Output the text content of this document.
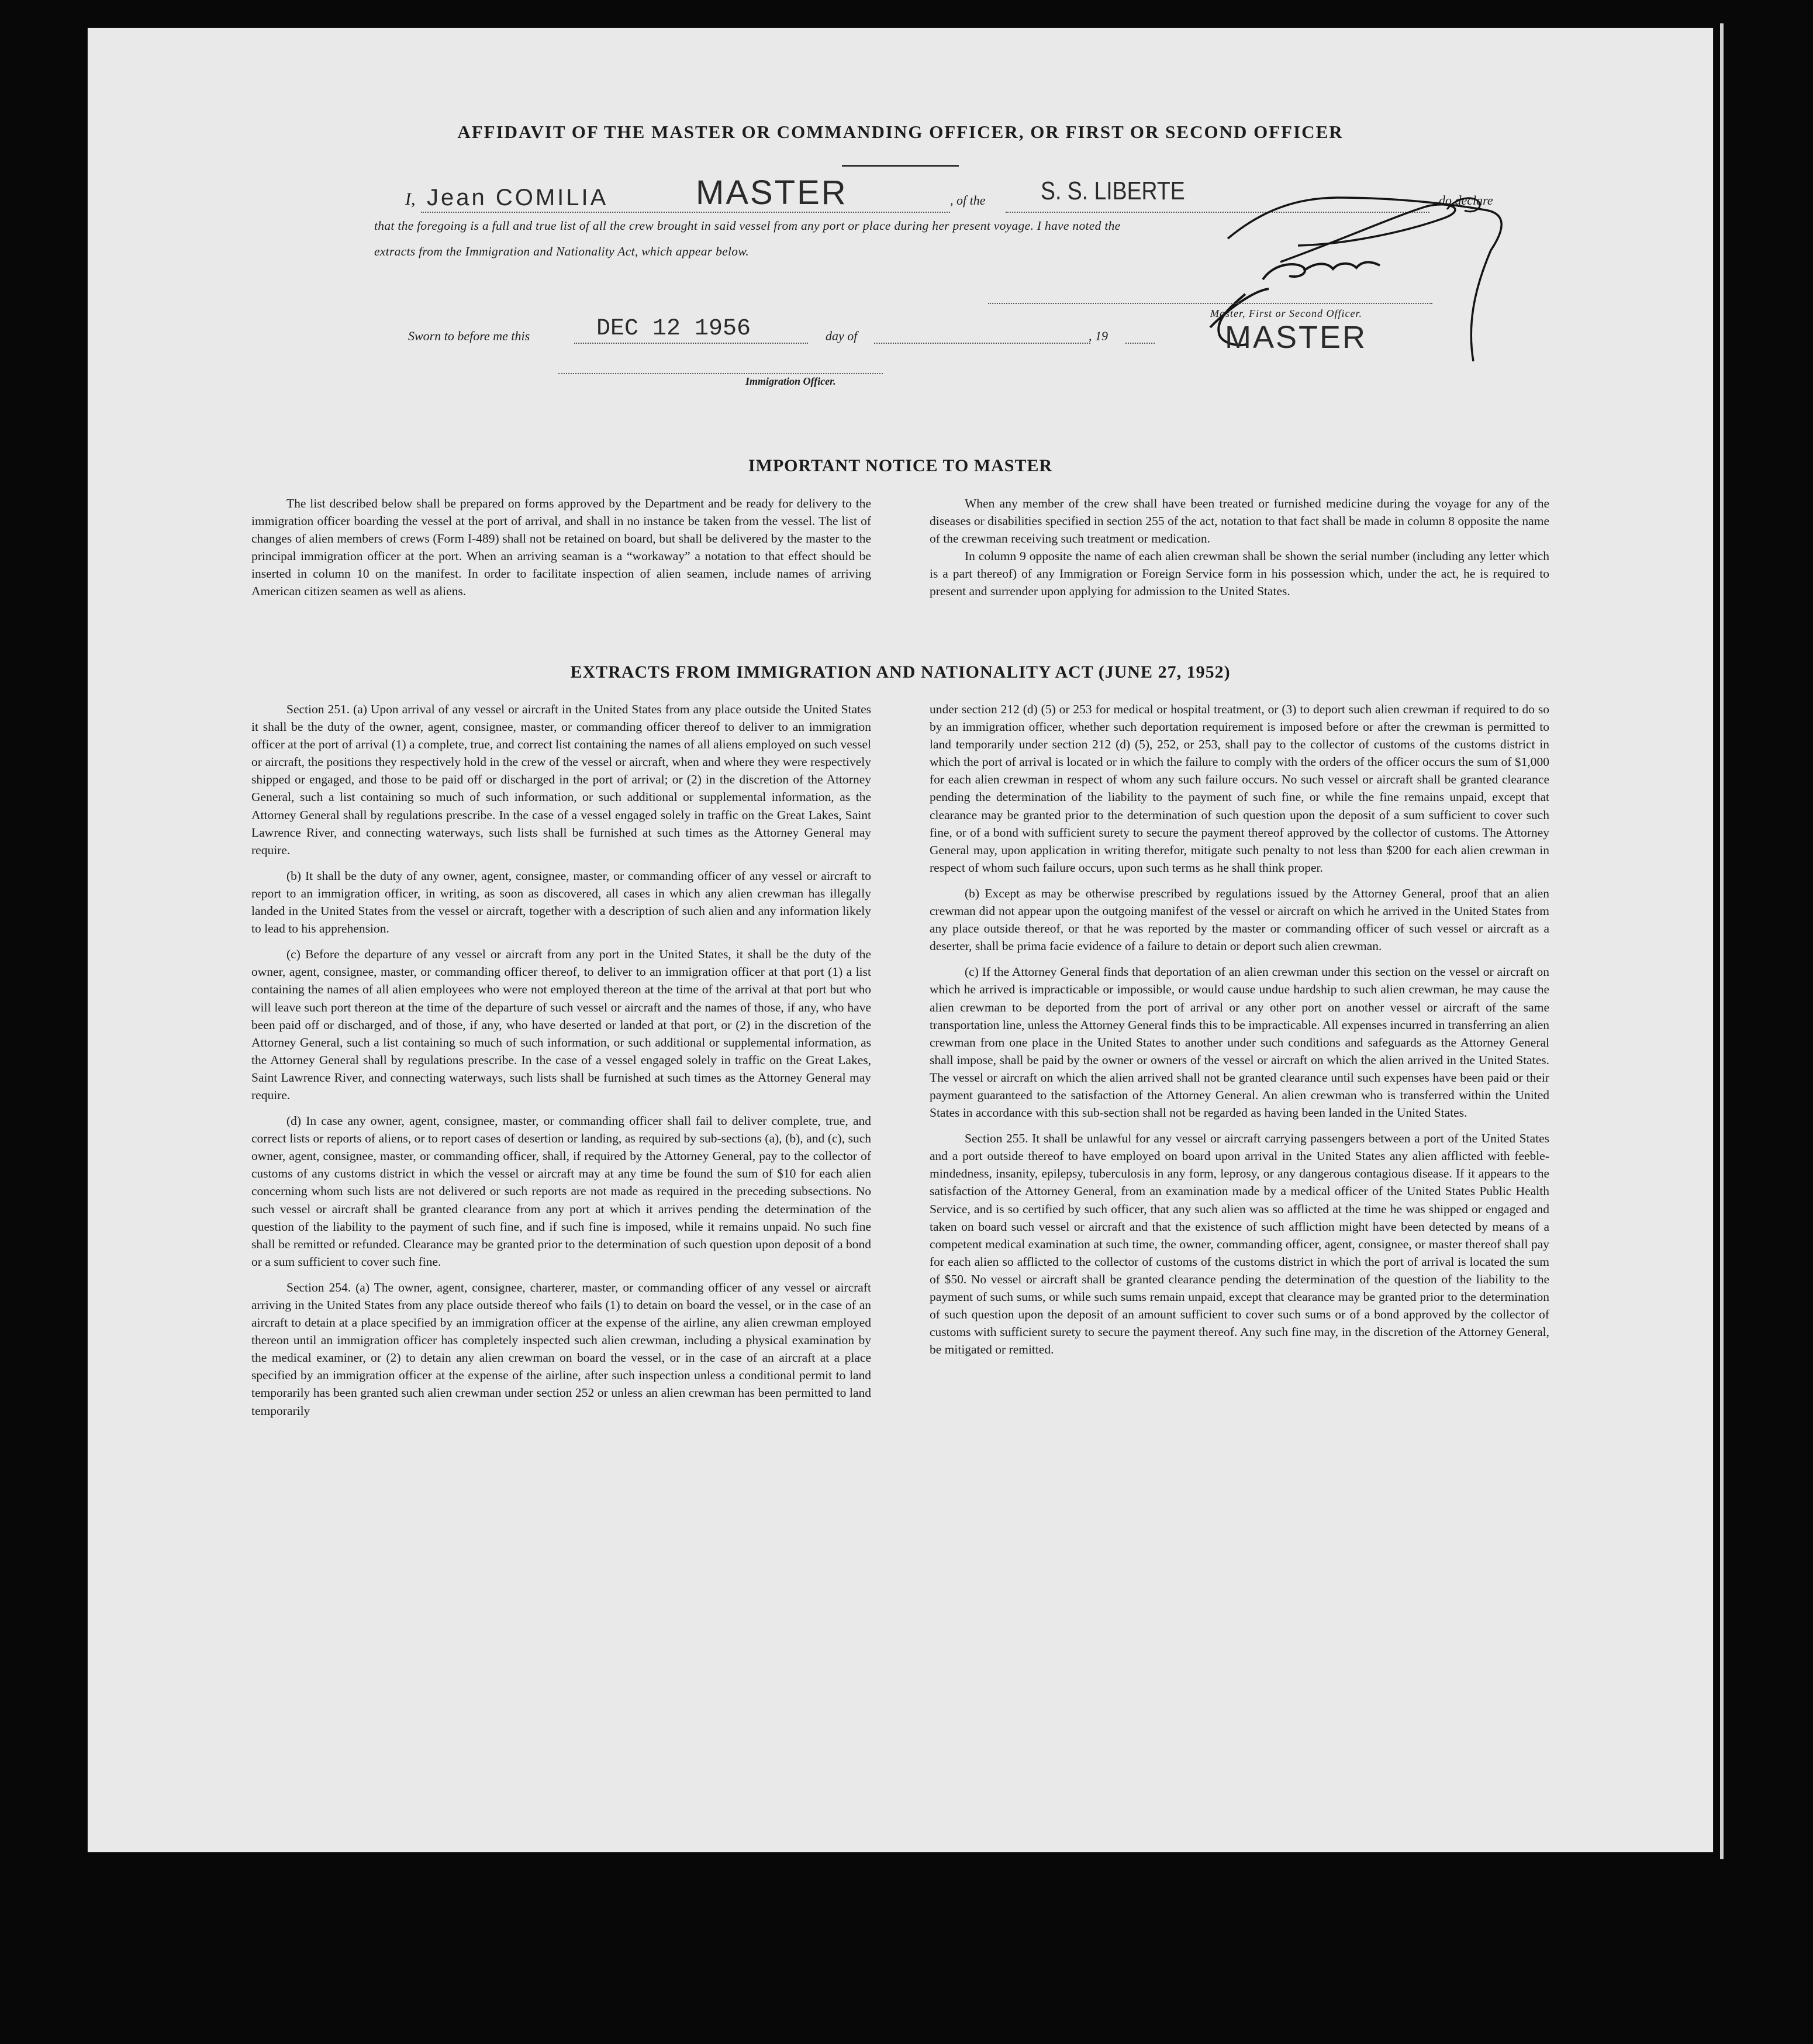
AFFIDAVIT OF THE MASTER OR COMMANDING OFFICER, OR FIRST OR SECOND OFFICER
I, Jean COMILIA	MASTER	, of the S. S. LIBERTE	, do declare
that the foregoing is a full and true list of all the crew brought in said vessel from any port or place during her present voyage. I have noted the
extracts from the Immigration and Nationality Act, which appear below.
Sworn to before me this	DEC 12 1956	day of	, 19
Master, First or Second Officer.
MASTER
Immigration Officer.
IMPORTANT NOTICE TO MASTER

The list described below shall be prepared on forms approved by the Department and be ready for delivery to the immigration officer boarding the vessel at the port of arrival, and shall in no instance be taken from the vessel. The list of changes of alien members of crews (Form I-489) shall not be retained on board, but shall be delivered by the master to the principal immigration officer at the port. When an arriving seaman is a “workaway” a notation to that effect should be inserted in column 10 on the manifest. In order to facilitate inspection of alien seamen, include names of arriving American citizen seamen as well as aliens.

When any member of the crew shall have been treated or furnished medicine during the voyage for any of the diseases or disabilities specified in section 255 of the act, notation to that fact shall be made in column 8 opposite the name of the crewman receiving such treatment or medication.

In column 9 opposite the name of each alien crewman shall be shown the serial number (including any letter which is a part thereof) of any Immigration or Foreign Service form in his possession which, under the act, he is required to present and surrender upon applying for admission to the United States.

EXTRACTS FROM IMMIGRATION AND NATIONALITY ACT (JUNE 27, 1952)

Section 251. (a) Upon arrival of any vessel or aircraft in the United States from any place outside the United States it shall be the duty of the owner, agent, consignee, master, or commanding officer thereof to deliver to an immigration officer at the port of arrival (1) a complete, true, and correct list containing the names of all aliens employed on such vessel or aircraft, the positions they respectively hold in the crew of the vessel or aircraft, when and where they were respectively shipped or engaged, and those to be paid off or discharged in the port of arrival; or (2) in the discretion of the Attorney General, such a list containing so much of such information, or such additional or supplemental information, as the Attorney General shall by regulations prescribe. In the case of a vessel engaged solely in traffic on the Great Lakes, Saint Lawrence River, and connecting waterways, such lists shall be furnished at such times as the Attorney General may require.

(b) It shall be the duty of any owner, agent, consignee, master, or commanding officer of any vessel or aircraft to report to an immigration officer, in writing, as soon as discovered, all cases in which any alien crewman has illegally landed in the United States from the vessel or aircraft, together with a description of such alien and any information likely to lead to his apprehension.

(c) Before the departure of any vessel or aircraft from any port in the United States, it shall be the duty of the owner, agent, consignee, master, or commanding officer thereof, to deliver to an immigration officer at that port (1) a list containing the names of all alien employees who were not employed thereon at the time of the arrival at that port but who will leave such port thereon at the time of the departure of such vessel or aircraft and the names of those, if any, who have been paid off or discharged, and of those, if any, who have deserted or landed at that port, or (2) in the discretion of the Attorney General, such a list containing so much of such information, or such additional or supplemental information, as the Attorney General shall by regulations prescribe. In the case of a vessel engaged solely in traffic on the Great Lakes, Saint Lawrence River, and connecting waterways, such lists shall be furnished at such times as the Attorney General may require.

(d) In case any owner, agent, consignee, master, or commanding officer shall fail to deliver complete, true, and correct lists or reports of aliens, or to report cases of desertion or landing, as required by sub-sections (a), (b), and (c), such owner, agent, consignee, master, or commanding officer, shall, if required by the Attorney General, pay to the collector of customs of any customs district in which the vessel or aircraft may at any time be found the sum of $10 for each alien concerning whom such lists are not delivered or such reports are not made as required in the preceding subsections. No such vessel or aircraft shall be granted clearance from any port at which it arrives pending the determination of the question of the liability to the payment of such fine, and if such fine is imposed, while it remains unpaid. No such fine shall be remitted or refunded. Clearance may be granted prior to the determination of such question upon deposit of a bond or a sum sufficient to cover such fine.

Section 254. (a) The owner, agent, consignee, charterer, master, or commanding officer of any vessel or aircraft arriving in the United States from any place outside thereof who fails (1) to detain on board the vessel, or in the case of an aircraft to detain at a place specified by an immigration officer at the expense of the airline, any alien crewman employed thereon until an immigration officer has completely inspected such alien crewman, including a physical examination by the medical examiner, or (2) to detain any alien crewman on board the vessel, or in the case of an aircraft at a place specified by an immigration officer at the expense of the airline, after such inspection unless a conditional permit to land temporarily has been granted such alien crewman under section 252 or unless an alien crewman has been permitted to land temporarily

under section 212 (d) (5) or 253 for medical or hospital treatment, or (3) to deport such alien crewman if required to do so by an immigration officer, whether such deportation requirement is imposed before or after the crewman is permitted to land temporarily under section 212 (d) (5), 252, or 253, shall pay to the collector of customs of the customs district in which the port of arrival is located or in which the failure to comply with the orders of the officer occurs the sum of $1,000 for each alien crewman in respect of whom any such failure occurs. No such vessel or aircraft shall be granted clearance pending the determination of the liability to the payment of such fine, or while the fine remains unpaid, except that clearance may be granted prior to the determination of such question upon the deposit of a sum sufficient to cover such fine, or of a bond with sufficient surety to secure the payment thereof approved by the collector of customs. The Attorney General may, upon application in writing therefor, mitigate such penalty to not less than $200 for each alien crewman in respect of whom such failure occurs, upon such terms as he shall think proper.

(b) Except as may be otherwise prescribed by regulations issued by the Attorney General, proof that an alien crewman did not appear upon the outgoing manifest of the vessel or aircraft on which he arrived in the United States from any place outside thereof, or that he was reported by the master or commanding officer of such vessel or aircraft as a deserter, shall be prima facie evidence of a failure to detain or deport such alien crewman.

(c) If the Attorney General finds that deportation of an alien crewman under this section on the vessel or aircraft on which he arrived is impracticable or impossible, or would cause undue hardship to such alien crewman, he may cause the alien crewman to be deported from the port of arrival or any other port on another vessel or aircraft of the same transportation line, unless the Attorney General finds this to be impracticable. All expenses incurred in transferring an alien crewman from one place in the United States to another under such conditions and safeguards as the Attorney General shall impose, shall be paid by the owner or owners of the vessel or aircraft on which the alien arrived in the United States. The vessel or aircraft on which the alien arrived shall not be granted clearance until such expenses have been paid or their payment guaranteed to the satisfaction of the Attorney General. An alien crewman who is transferred within the United States in accordance with this sub-section shall not be regarded as having been landed in the United States.

Section 255. It shall be unlawful for any vessel or aircraft carrying passengers between a port of the United States and a port outside thereof to have employed on board upon arrival in the United States any alien afflicted with feeble-mindedness, insanity, epilepsy, tuberculosis in any form, leprosy, or any dangerous contagious disease. If it appears to the satisfaction of the Attorney General, from an examination made by a medical officer of the United States Public Health Service, and is so certified by such officer, that any such alien was so afflicted at the time he was shipped or engaged and taken on board such vessel or aircraft and that the existence of such affliction might have been detected by means of a competent medical examination at such time, the owner, commanding officer, agent, consignee, or master thereof shall pay for each alien so afflicted to the collector of customs of the customs district in which the port of arrival is located the sum of $50. No vessel or aircraft shall be granted clearance pending the determination of the question of the liability to the payment of such sums, or while such sums remain unpaid, except that clearance may be granted prior to the determination of such question upon the deposit of an amount sufficient to cover such sums or of a bond approved by the collector of customs with sufficient surety to secure the payment thereof. Any such fine may, in the discretion of the Attorney General, be mitigated or remitted.
